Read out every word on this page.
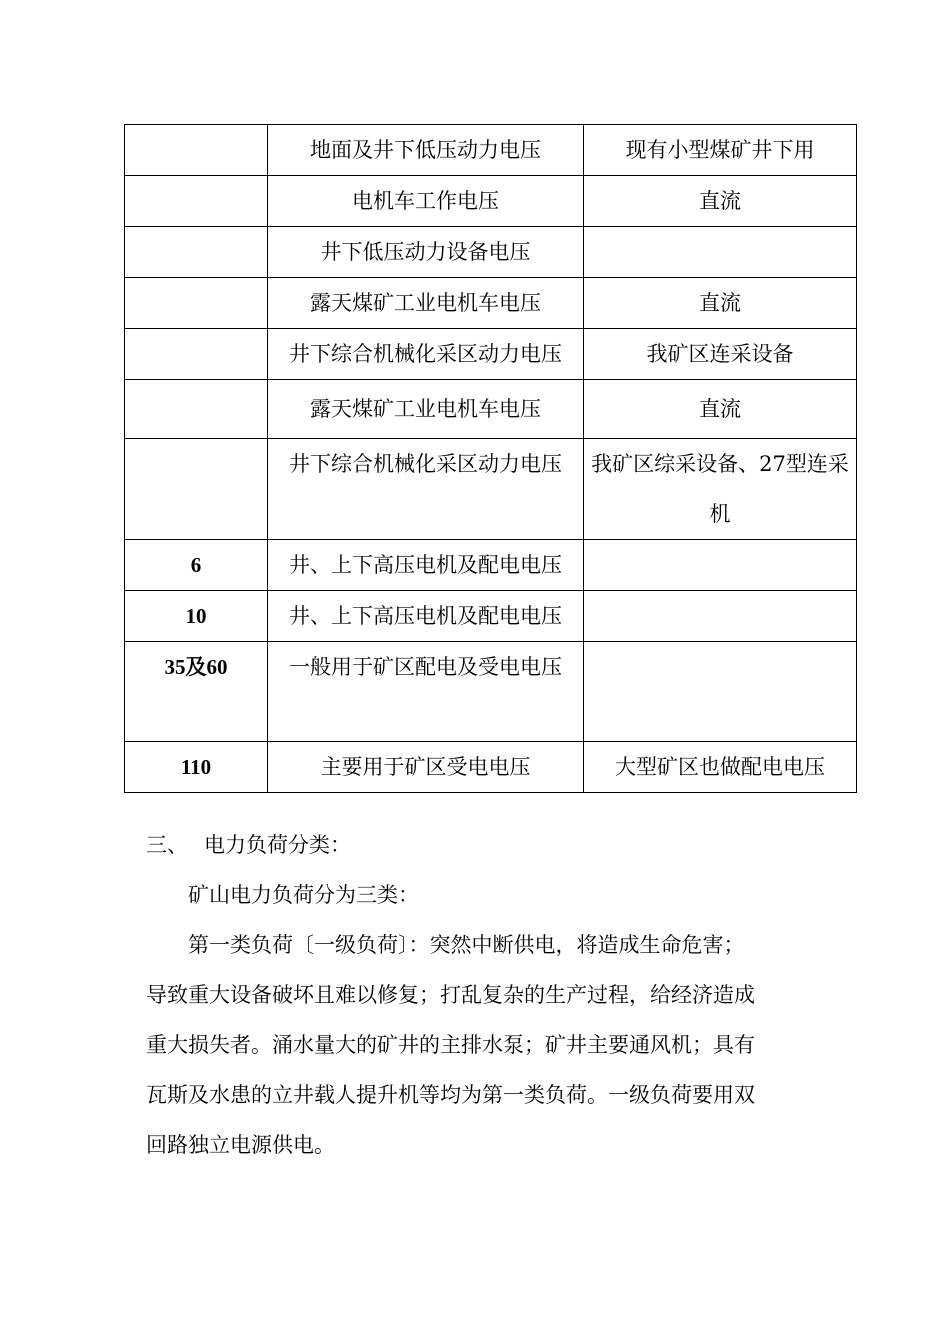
	地面及井下低压动力电压	现有小型煤矿井下用
	电机车工作电压	直流
	井下低压动力设备电压	
	露天煤矿工业电机车电压	直流
	井下综合机械化采区动力电压	我矿区连采设备
	露天煤矿工业电机车电压	直流
	井下综合机械化采区动力电压	我矿区综采设备、27型连采机
6	井、上下高压电机及配电电压	
10	井、上下高压电机及配电电压	
35及60	一般用于矿区配电及受电电压	
110	主要用于矿区受电电压	大型矿区也做配电电压

三、 电力负荷分类：

矿山电力负荷分为三类：

第一类负荷〔一级负荷〕：突然中断供电，将造成生命危害；

导致重大设备破坏且难以修复；打乱复杂的生产过程，给经济造成

重大损失者。涌水量大的矿井的主排水泵；矿井主要通风机；具有

瓦斯及水患的立井载人提升机等均为第一类负荷。一级负荷要用双

回路独立电源供电。
